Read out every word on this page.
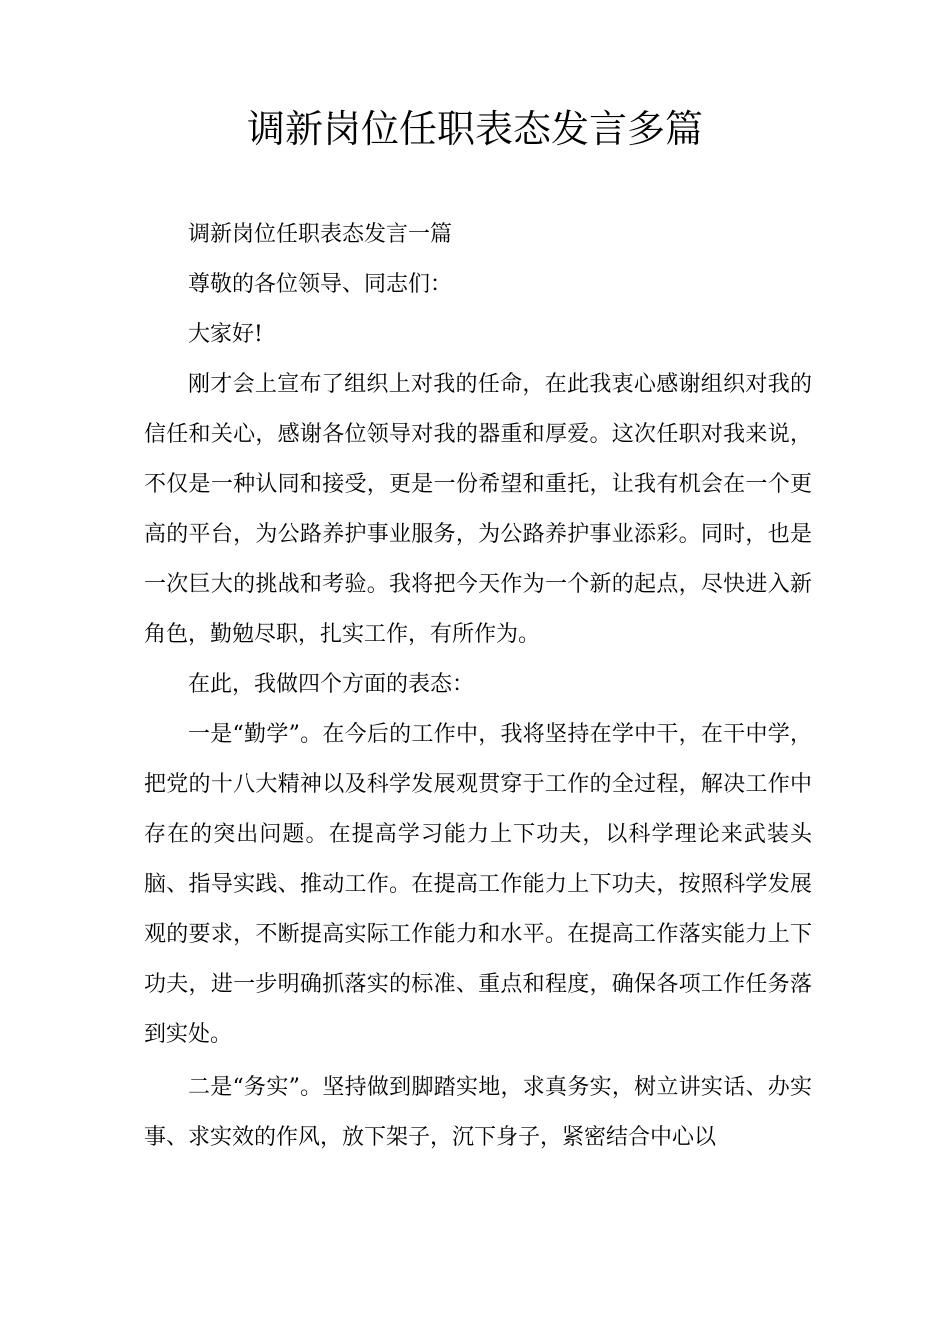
调新岗位任职表态发言多篇

调新岗位任职表态发言一篇

尊敬的各位领导、同志们：

大家好!

刚才会上宣布了组织上对我的任命，在此我衷心感谢组织对我的信任和关心，感谢各位领导对我的器重和厚爱。这次任职对我来说，不仅是一种认同和接受，更是一份希望和重托，让我有机会在一个更高的平台，为公路养护事业服务，为公路养护事业添彩。同时，也是一次巨大的挑战和考验。我将把今天作为一个新的起点，尽快进入新角色，勤勉尽职，扎实工作，有所作为。

在此，我做四个方面的表态：

一是“勤学”。在今后的工作中，我将坚持在学中干，在干中学，把党的十八大精神以及科学发展观贯穿于工作的全过程，解决工作中存在的突出问题。在提高学习能力上下功夫，以科学理论来武装头脑、指导实践、推动工作。在提高工作能力上下功夫，按照科学发展观的要求，不断提高实际工作能力和水平。在提高工作落实能力上下功夫，进一步明确抓落实的标准、重点和程度，确保各项工作任务落到实处。

二是“务实”。坚持做到脚踏实地，求真务实，树立讲实话、办实事、求实效的作风，放下架子，沉下身子，紧密结合中心以
